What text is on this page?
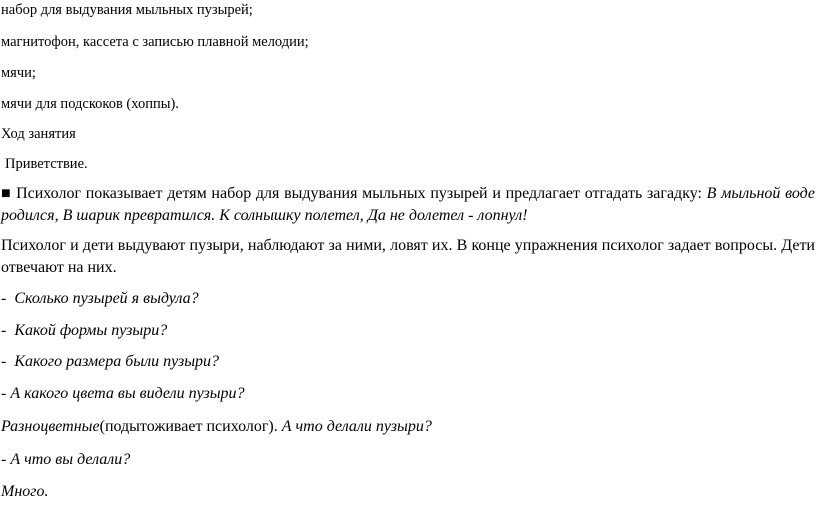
набор для выдувания мыльных пузырей;
магнитофон, кассета с записью плавной мелодии;
мячи;
мячи для подскоков (хоппы).
Ход занятия
Приветствие.
■ Психолог показывает детям набор для выдувания мыльных пузырей и предлагает отгадать загадку: В мыльной воде родился, В шарик превратился. К солнышку полетел, Да не долетел - лопнул!
Психолог и дети выдувают пузыри, наблюдают за ними, ловят их. В конце упражнения психолог задает вопросы. Дети отвечают на них.
- Сколько пузырей я выдула?
- Какой формы пузыри?
- Какого размера были пузыри?
- А какого цвета вы видели пузыри?
Разноцветные(подытоживает психолог). А что делали пузыри?
- А что вы делали?
Много.
